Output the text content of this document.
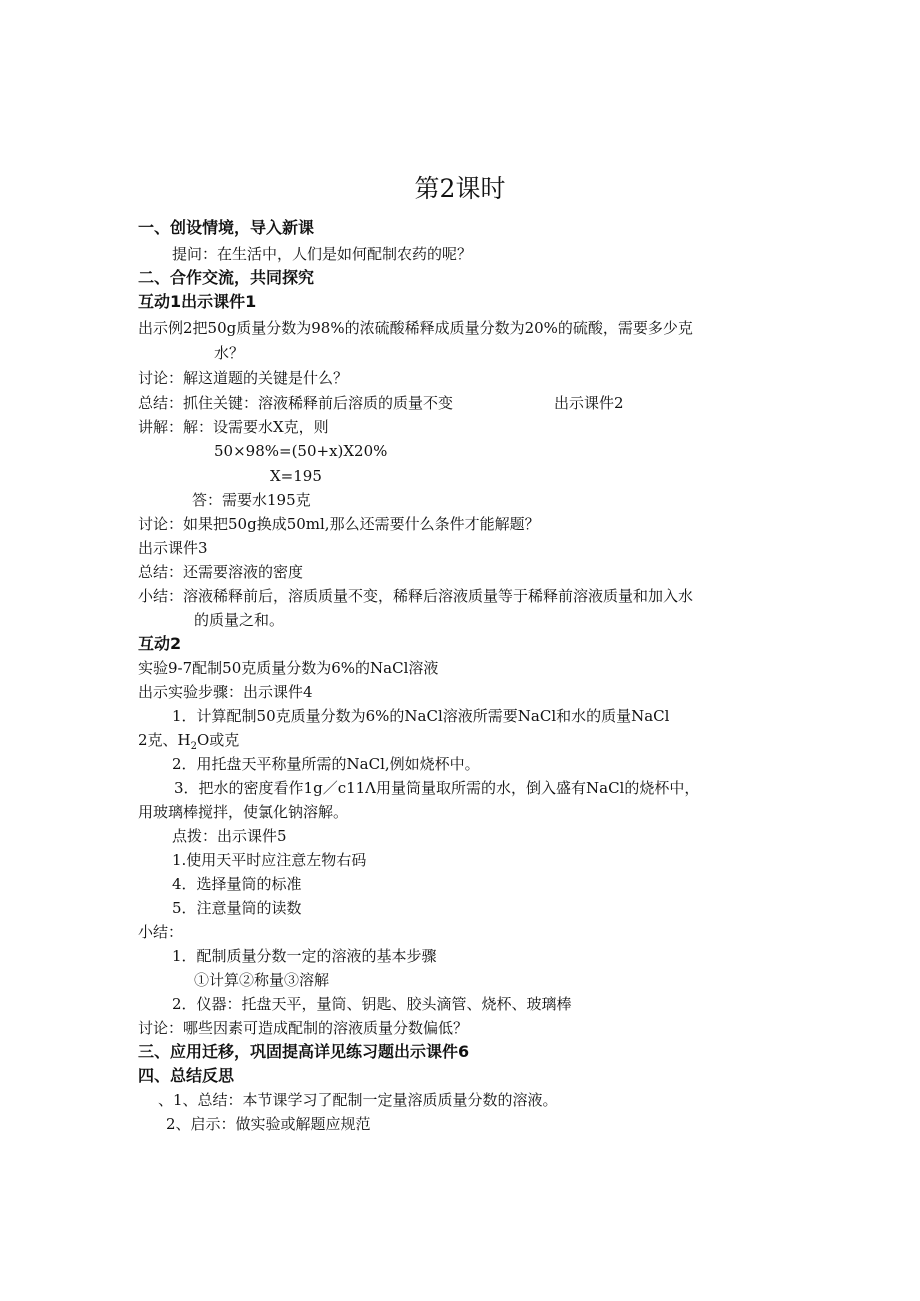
第2课时
一、创设情境，导入新课
提问：在生活中，人们是如何配制农药的呢？
二、合作交流，共同探究
互动1出示课件1
出示例2把50g质量分数为98%的浓硫酸稀释成质量分数为20%的硫酸，需要多少克
水？
讨论：解这道题的关键是什么？
总结：抓住关键：溶液稀释前后溶质的质量不变	出示课件2
讲解：解：设需要水X克，则
50×98%=(50+x)X20%
X=195
答：需要水195克
讨论：如果把50g换成50ml,那么还需要什么条件才能解题？
出示课件3
总结：还需要溶液的密度
小结：溶液稀释前后，溶质质量不变，稀释后溶液质量等于稀释前溶液质量和加入水
的质量之和。
互动2
实验9-7配制50克质量分数为6%的NaCl溶液
出示实验步骤：出示课件4
1．计算配制50克质量分数为6%的NaCl溶液所需要NaCl和水的质量NaCl
2克、$H_2O$或克
2．用托盘天平称量所需的NaCl,例如烧杯中。
3．把水的密度看作1g／c11Λ用量筒量取所需的水，倒入盛有NaCl的烧杯中，
用玻璃棒搅拌，使氯化钠溶解。
点拨：出示课件5
1.使用天平时应注意左物右码
4．选择量筒的标准
5．注意量筒的读数
小结：
1．配制质量分数一定的溶液的基本步骤
①计算②称量③溶解
2．仪器：托盘天平，量筒、钥匙、胶头滴管、烧杯、玻璃棒
讨论：哪些因素可造成配制的溶液质量分数偏低？
三、应用迁移，巩固提高详见练习题出示课件6
四、总结反思
、1、总结：本节课学习了配制一定量溶质质量分数的溶液。
2、启示：做实验或解题应规范
